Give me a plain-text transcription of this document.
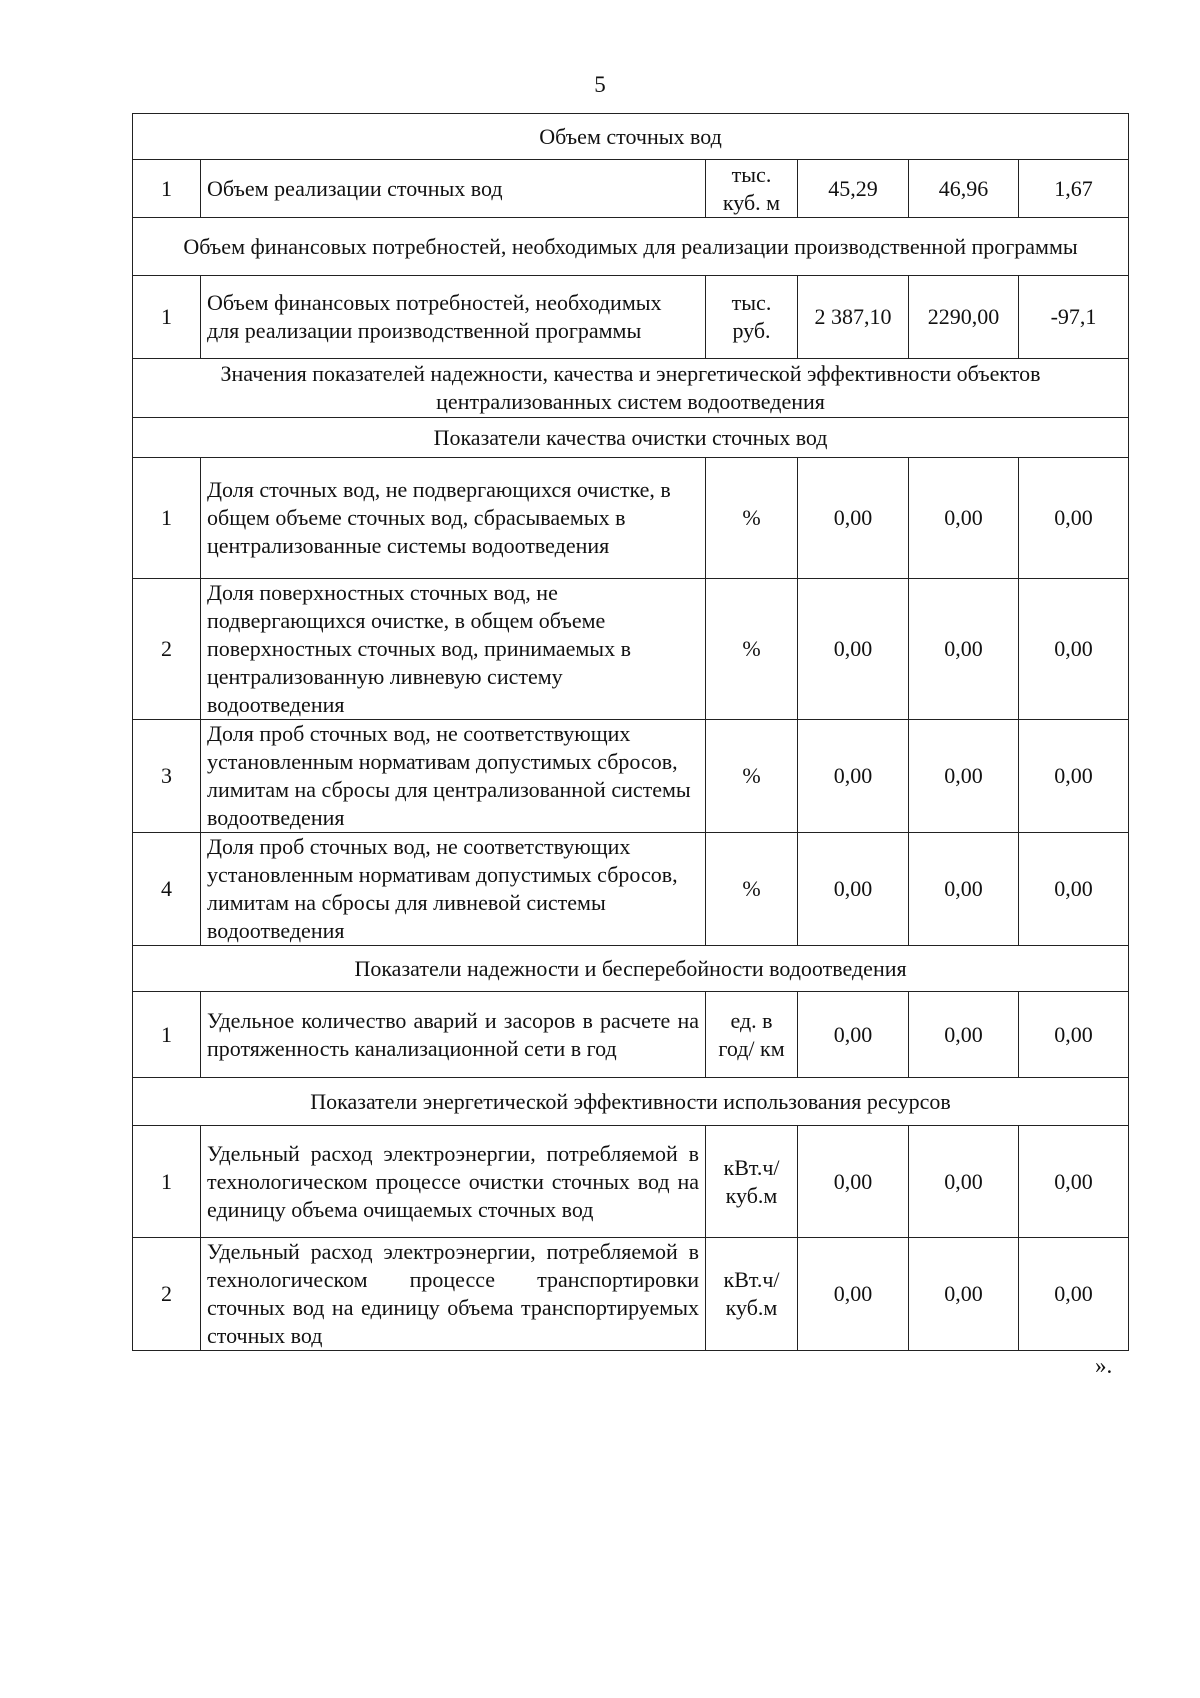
5
Объем сточных вод					
1	Объем реализации сточных вод	тыс. куб. м	45,29	46,96	1,67
Объем финансовых потребностей, необходимых для реализации производственной программы					
1	Объем финансовых потребностей, необходимых для реализации производственной программы	тыс. руб.	2 387,10	2290,00	-97,1
Значения показателей надежности, качества и энергетической эффективности объектов централизованных систем водоотведения					
Показатели качества очистки сточных вод					
1	Доля сточных вод, не подвергающихся очистке, в общем объеме сточных вод, сбрасываемых в централизованные системы водоотведения	%	0,00	0,00	0,00
2	Доля поверхностных сточных вод, не подвергающихся очистке, в общем объеме поверхностных сточных вод, принимаемых в централизованную ливневую систему водоотведения	%	0,00	0,00	0,00
3	Доля проб сточных вод, не соответствующих установленным нормативам допустимых сбросов, лимитам на сбросы для централизованной системы водоотведения	%	0,00	0,00	0,00
4	Доля проб сточных вод, не соответствующих установленным нормативам допустимых сбросов, лимитам на сбросы для ливневой системы водоотведения	%	0,00	0,00	0,00
Показатели надежности и бесперебойности водоотведения					
1	Удельное количество аварий и засоров в расчете на протяженность канализационной сети в год	ед. в год/ км	0,00	0,00	0,00
Показатели энергетической эффективности использования ресурсов					
1	Удельный расход электроэнергии, потребляемой в технологическом процессе очистки сточных вод на единицу объема очищаемых сточных вод	кВт.ч/ куб.м	0,00	0,00	0,00
2	Удельный расход электроэнергии, потребляемой в технологическом процессе транспортировки сточных вод на единицу объема транспортируемых сточных вод	кВт.ч/ куб.м	0,00	0,00	0,00
».
